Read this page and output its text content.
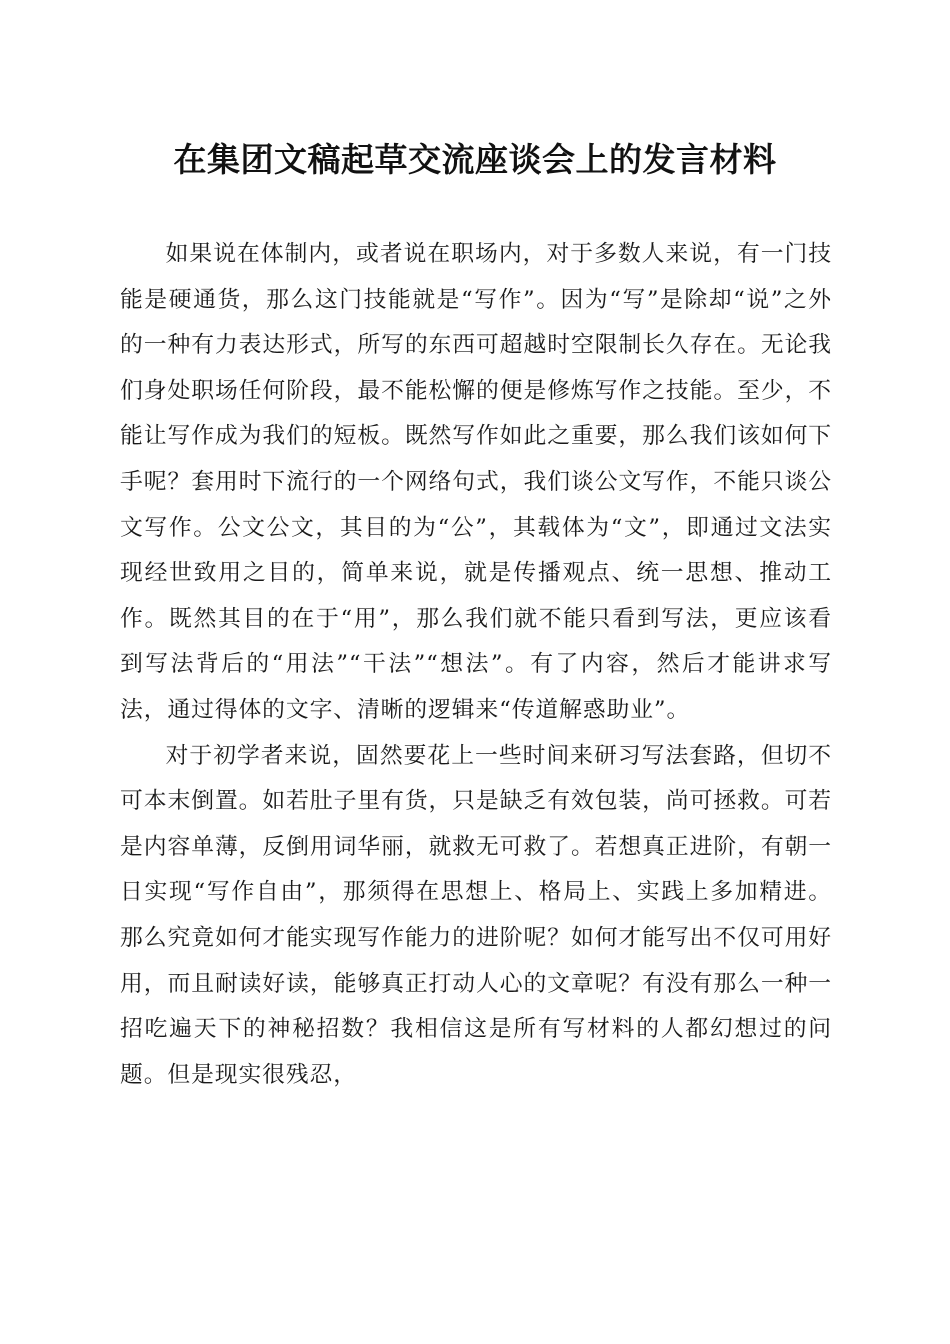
在集团文稿起草交流座谈会上的发言材料

如果说在体制内，或者说在职场内，对于多数人来说，有一门技能是硬通货，那么这门技能就是“写作”。因为“写”是除却“说”之外的一种有力表达形式，所写的东西可超越时空限制长久存在。无论我们身处职场任何阶段，最不能松懈的便是修炼写作之技能。至少，不能让写作成为我们的短板。既然写作如此之重要，那么我们该如何下手呢？套用时下流行的一个网络句式，我们谈公文写作，不能只谈公文写作。公文公文，其目的为“公”，其载体为“文”，即通过文法实现经世致用之目的，简单来说，就是传播观点、统一思想、推动工作。既然其目的在于“用”，那么我们就不能只看到写法，更应该看到写法背后的“用法”“干法”“想法”。有了内容，然后才能讲求写法，通过得体的文字、清晰的逻辑来“传道解惑助业”。

对于初学者来说，固然要花上一些时间来研习写法套路，但切不可本末倒置。如若肚子里有货，只是缺乏有效包装，尚可拯救。可若是内容单薄，反倒用词华丽，就救无可救了。若想真正进阶，有朝一日实现“写作自由”，那须得在思想上、格局上、实践上多加精进。那么究竟如何才能实现写作能力的进阶呢？如何才能写出不仅可用好用，而且耐读好读，能够真正打动人心的文章呢？有没有那么一种一招吃遍天下的神秘招数？我相信这是所有写材料的人都幻想过的问题。但是现实很残忍，
